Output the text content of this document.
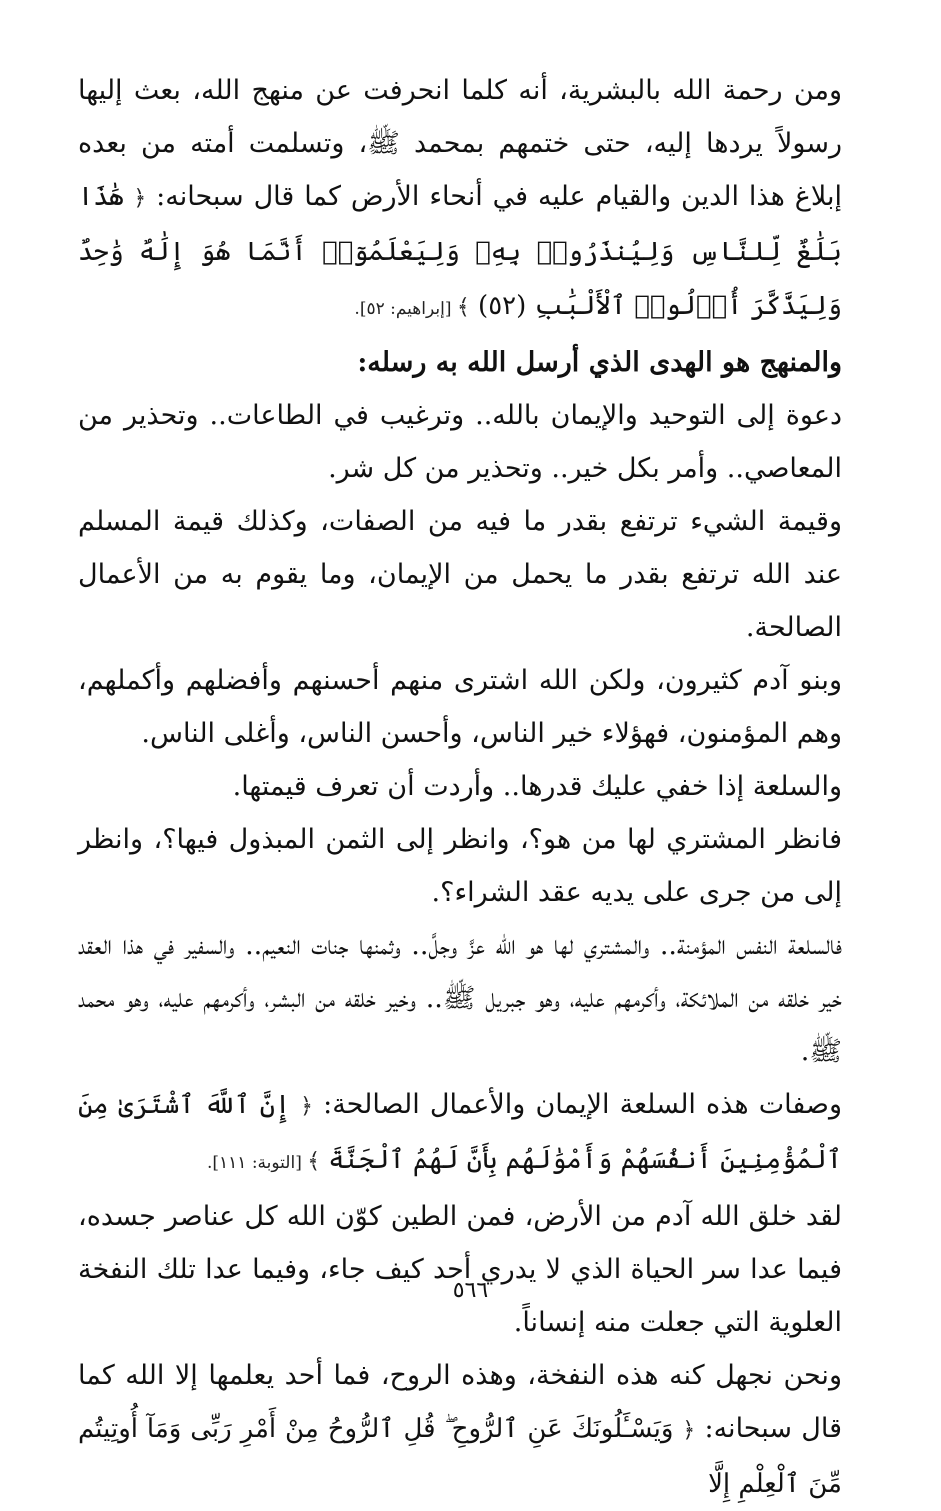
ومن رحمة الله بالبشرية، أنه كلما انحرفت عن منهج الله، بعث إليها رسولاً يردها إليه، حتى ختمهم بمحمد ﷺ، وتسلمت أمته من بعده إبلاغ هذا الدين والقيام عليه في أنحاء الأرض كما قال سبحانه: ﴿ هَٰذَا بَلَٰغٌ لِّلنَّاسِ وَلِيُنذَرُوا۟ بِهِۦ وَلِيَعْلَمُوٓا۟ أَنَّمَا هُوَ إِلَٰهٌ وَٰحِدٌ وَلِيَذَّكَّرَ أُو۟لُوا۟ ٱلْأَلْبَٰبِ (٥٢) ﴾ [إبراهيم: ٥٢].

والمنهج هو الهدى الذي أرسل الله به رسله:

دعوة إلى التوحيد والإيمان بالله.. وترغيب في الطاعات.. وتحذير من المعاصي.. وأمر بكل خير.. وتحذير من كل شر.

وقيمة الشيء ترتفع بقدر ما فيه من الصفات، وكذلك قيمة المسلم عند الله ترتفع بقدر ما يحمل من الإيمان، وما يقوم به من الأعمال الصالحة.

وبنو آدم كثيرون، ولكن الله اشترى منهم أحسنهم وأفضلهم وأكملهم، وهم المؤمنون، فهؤلاء خير الناس، وأحسن الناس، وأغلى الناس.

والسلعة إذا خفي عليك قدرها.. وأردت أن تعرف قيمتها.

فانظر المشتري لها من هو؟، وانظر إلى الثمن المبذول فيها؟، وانظر إلى من جرى على يديه عقد الشراء؟.

فالسلعة النفس المؤمنة.. والمشتري لها هو الله عزَّ وجلَّ.. وثمنها جنات النعيم.. والسفير في هذا العقد خير خلقه من الملائكة، وأكرمهم عليه، وهو جبريل ﷺ.. وخير خلقه من البشر، وأكرمهم عليه، وهو محمد ﷺ.

وصفات هذه السلعة الإيمان والأعمال الصالحة: ﴿ إِنَّ ٱللَّهَ ٱشْتَرَىٰ مِنَ ٱلْمُؤْمِنِينَ أَنفُسَهُمْ وَأَمْوَٰلَهُم بِأَنَّ لَهُمُ ٱلْجَنَّةَ ﴾ [التوبة: ١١١].

لقد خلق الله آدم من الأرض، فمن الطين كوّن الله كل عناصر جسده، فيما عدا سر الحياة الذي لا يدري أحد كيف جاء، وفيما عدا تلك النفخة العلوية التي جعلت منه إنساناً.

ونحن نجهل كنه هذه النفخة، وهذه الروح، فما أحد يعلمها إلا الله كما قال سبحانه: ﴿ وَيَسْـَٔلُونَكَ عَنِ ٱلرُّوحِ ۖ قُلِ ٱلرُّوحُ مِنْ أَمْرِ رَبِّى وَمَآ أُوتِيتُم مِّنَ ٱلْعِلْمِ إِلَّا

٥٦٦
